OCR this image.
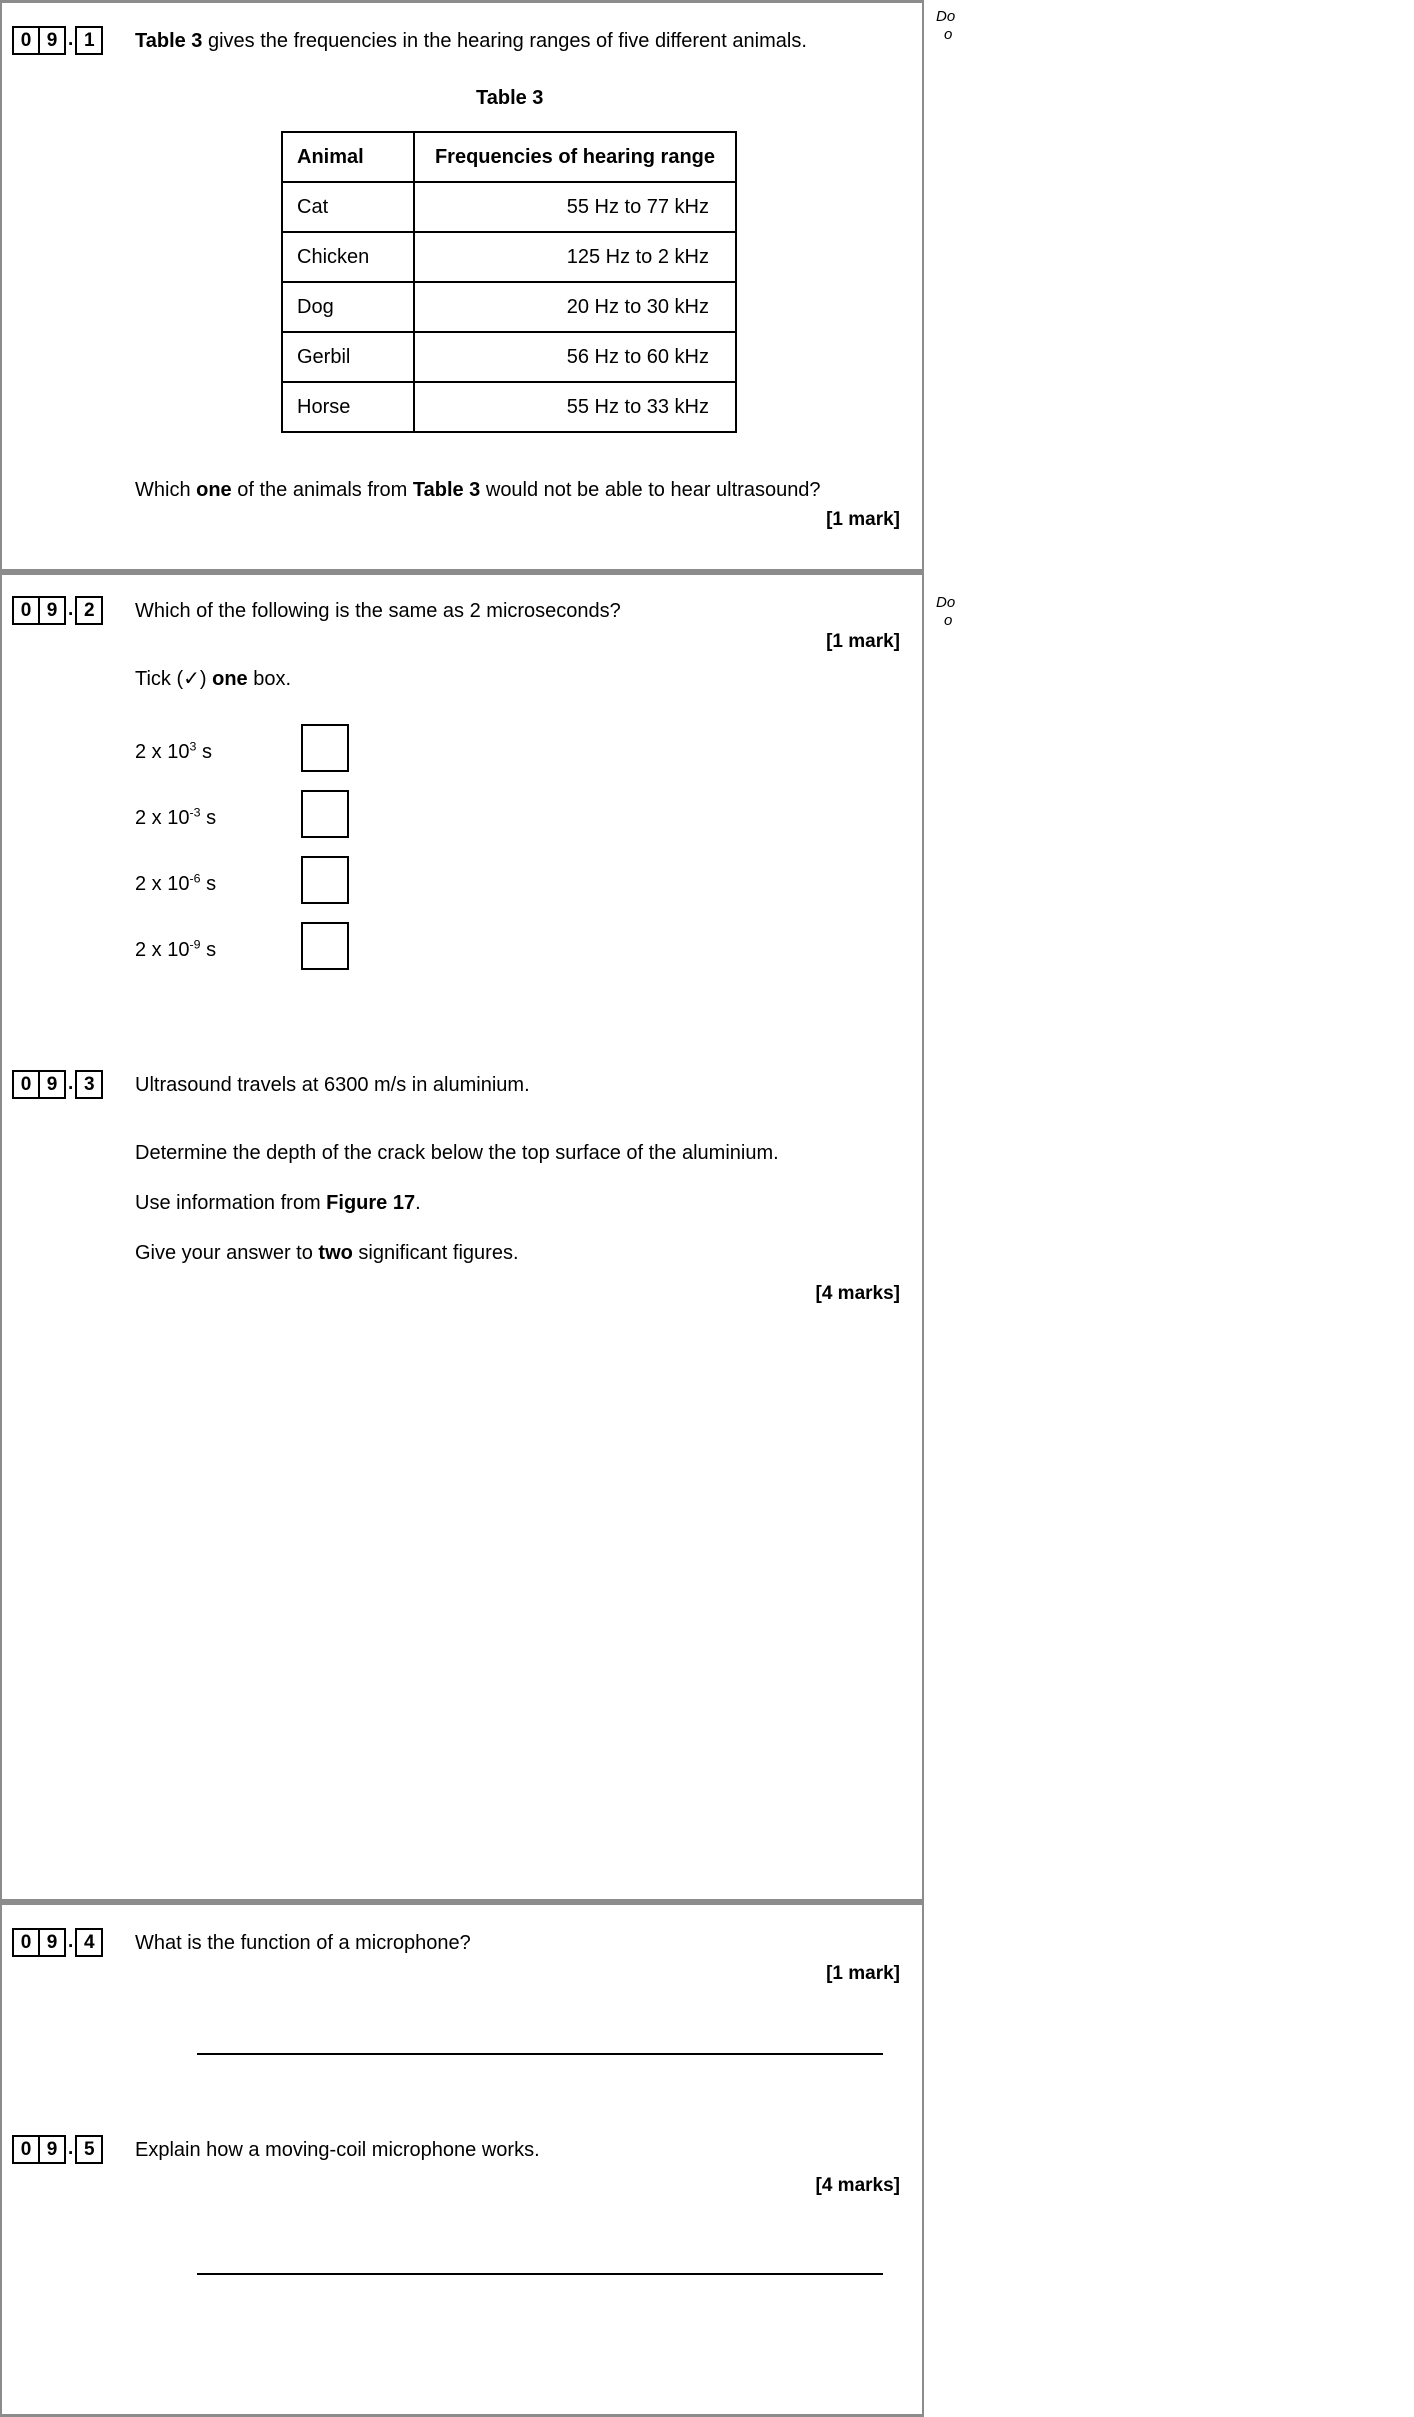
Do
o
Do
o
0 9 . 1	Table 3 gives the frequencies in the hearing ranges of five different animals.
Table 3
Animal	Frequencies of hearing range
Cat	55 Hz to 77 kHz
Chicken	125 Hz to 2 kHz
Dog	20 Hz to 30 kHz
Gerbil	56 Hz to 60 kHz
Horse	55 Hz to 33 kHz
Which one of the animals from Table 3 would not be able to hear ultrasound?
[1 mark]
0 9 . 2	Which of the following is the same as 2 microseconds?
[1 mark]
Tick (✓) one box.
2 x $10^3$ s
2 x $10^{-3}$ s
2 x $10^{-6}$ s
2 x $10^{-9}$ s
0 9 . 3	Ultrasound travels at 6300 m/s in aluminium.
Determine the depth of the crack below the top surface of the aluminium.
Use information from Figure 17.
Give your answer to two significant figures.
[4 marks]
0 9 . 4	What is the function of a microphone?
[1 mark]
0 9 . 5	Explain how a moving-coil microphone works.
[4 marks]
